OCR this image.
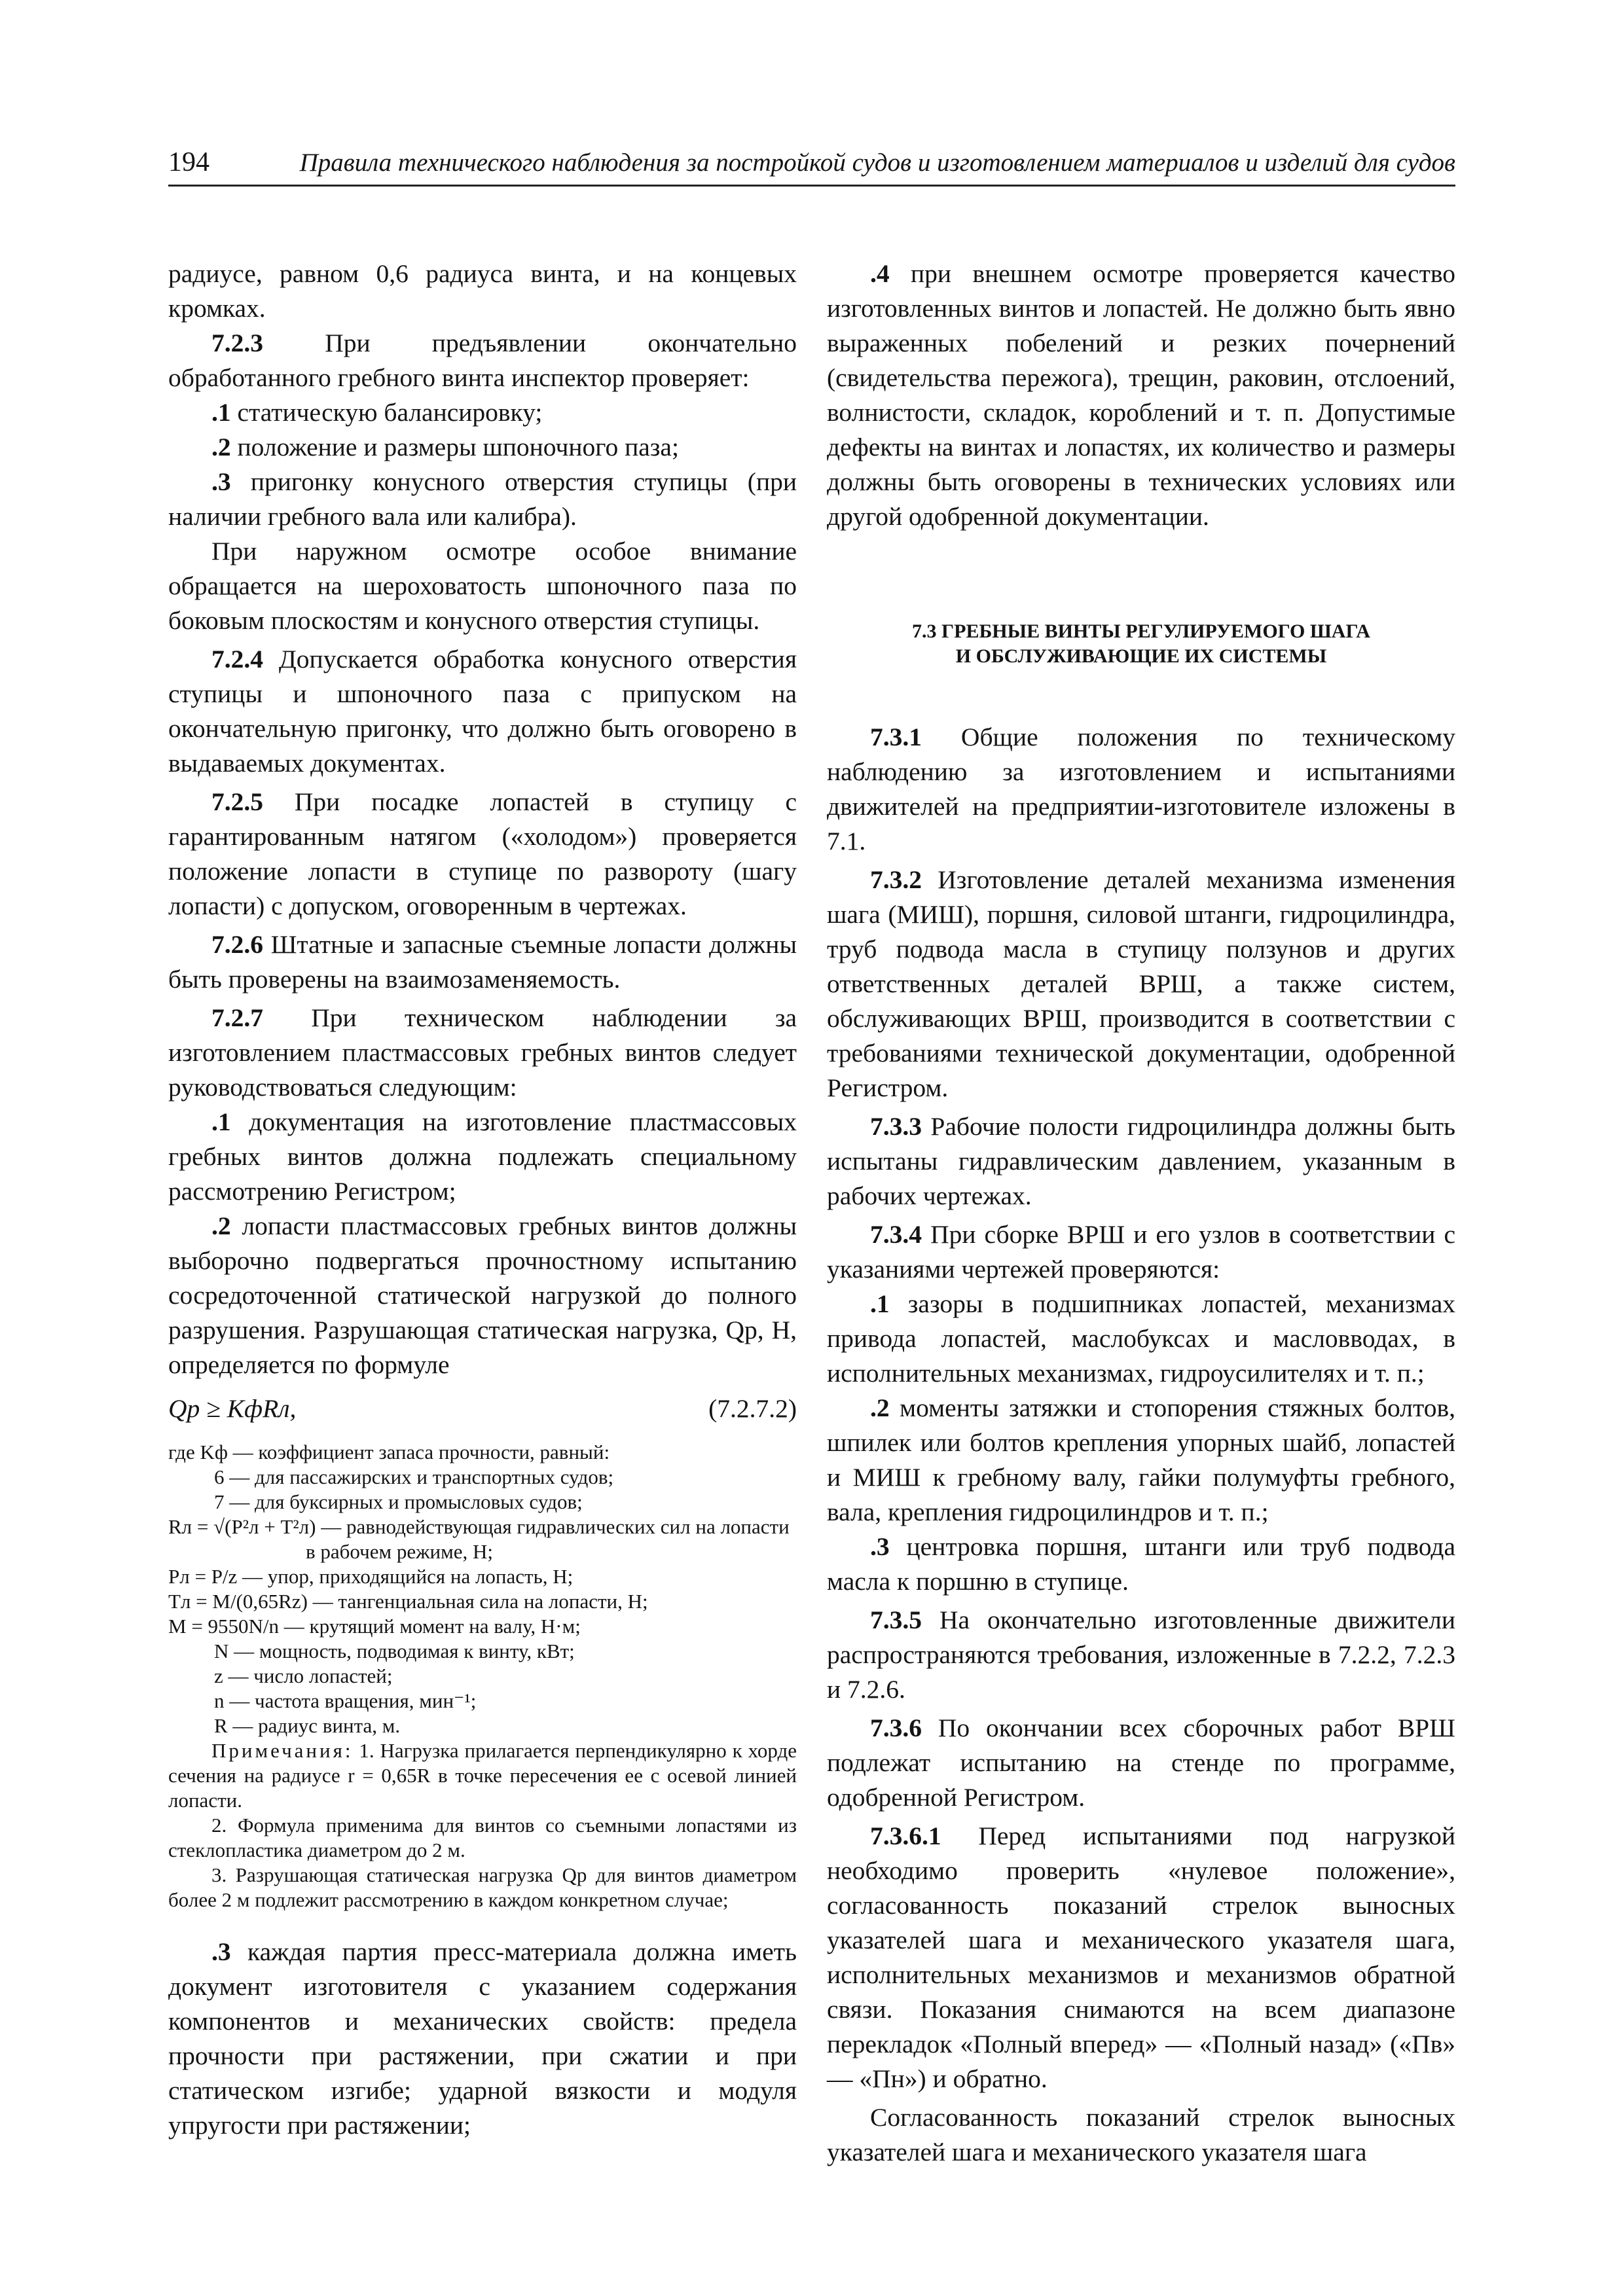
194	Правила технического наблюдения за постройкой судов и изготовлением материалов и изделий для судов

радиусе, равном 0,6 радиуса винта, и на концевых кромках.

7.2.3 При предъявлении окончательно обработанного гребного винта инспектор проверяет:

.1 статическую балансировку;

.2 положение и размеры шпоночного паза;

.3 пригонку конусного отверстия ступицы (при наличии гребного вала или калибра).

При наружном осмотре особое внимание обращается на шероховатость шпоночного паза по боковым плоскостям и конусного отверстия ступицы.

7.2.4 Допускается обработка конусного отверстия ступицы и шпоночного паза с припуском на окончательную пригонку, что должно быть оговорено в выдаваемых документах.

7.2.5 При посадке лопастей в ступицу с гарантированным натягом («холодом») проверяется положение лопасти в ступице по развороту (шагу лопасти) с допуском, оговоренным в чертежах.

7.2.6 Штатные и запасные съемные лопасти должны быть проверены на взаимозаменяемость.

7.2.7 При техническом наблюдении за изготовлением пластмассовых гребных винтов следует руководствоваться следующим:

.1 документация на изготовление пластмассовых гребных винтов должна подлежать специальному рассмотрению Регистром;

.2 лопасти пластмассовых гребных винтов должны выборочно подвергаться прочностному испытанию сосредоточенной статической нагрузкой до полного разрушения. Разрушающая статическая нагрузка, Qр, Н, определяется по формуле

Qр ≥ KфRл,	(7.2.7.2)
где Kф — коэффициент запаса прочности, равный:
6 — для пассажирских и транспортных судов;
7 — для буксирных и промысловых судов;
Rл = √(P²л + T²л) — равнодействующая гидравлических сил на лопасти
в рабочем режиме, Н;
Pл = P/z — упор, приходящийся на лопасть, Н;
Tл = M/(0,65Rz) — тангенциальная сила на лопасти, Н;
M = 9550N/n — крутящий момент на валу, Н·м;
N — мощность, подводимая к винту, кВт;
z — число лопастей;
n — частота вращения, мин⁻¹;
R — радиус винта, м.

Примечания: 1. Нагрузка прилагается перпендикулярно к хорде сечения на радиусе r = 0,65R в точке пересечения ее с осевой линией лопасти.

2. Формула применима для винтов со съемными лопастями из стеклопластика диаметром до 2 м.

3. Разрушающая статическая нагрузка Qр для винтов диаметром более 2 м подлежит рассмотрению в каждом конкретном случае;

.3 каждая партия пресс-материала должна иметь документ изготовителя с указанием содержания компонентов и механических свойств: предела прочности при растяжении, при сжатии и при статическом изгибе; ударной вязкости и модуля упругости при растяжении;

.4 при внешнем осмотре проверяется качество изготовленных винтов и лопастей. Не должно быть явно выраженных побелений и резких почернений (свидетельства пережога), трещин, раковин, отслоений, волнистости, складок, короблений и т. п. Допустимые дефекты на винтах и лопастях, их количество и размеры должны быть оговорены в технических условиях или другой одобренной документации.

7.3 ГРЕБНЫЕ ВИНТЫ РЕГУЛИРУЕМОГО ШАГА
И ОБСЛУЖИВАЮЩИЕ ИХ СИСТЕМЫ

7.3.1 Общие положения по техническому наблюдению за изготовлением и испытаниями движителей на предприятии-изготовителе изложены в 7.1.

7.3.2 Изготовление деталей механизма изменения шага (МИШ), поршня, силовой штанги, гидроцилиндра, труб подвода масла в ступицу ползунов и других ответственных деталей ВРШ, а также систем, обслуживающих ВРШ, производится в соответствии с требованиями технической документации, одобренной Регистром.

7.3.3 Рабочие полости гидроцилиндра должны быть испытаны гидравлическим давлением, указанным в рабочих чертежах.

7.3.4 При сборке ВРШ и его узлов в соответствии с указаниями чертежей проверяются:

.1 зазоры в подшипниках лопастей, механизмах привода лопастей, маслобуксах и масловводах, в исполнительных механизмах, гидроусилителях и т. п.;

.2 моменты затяжки и стопорения стяжных болтов, шпилек или болтов крепления упорных шайб, лопастей и МИШ к гребному валу, гайки полумуфты гребного, вала, крепления гидроцилиндров и т. п.;

.3 центровка поршня, штанги или труб подвода масла к поршню в ступице.

7.3.5 На окончательно изготовленные движители распространяются требования, изложенные в 7.2.2, 7.2.3 и 7.2.6.

7.3.6 По окончании всех сборочных работ ВРШ подлежат испытанию на стенде по программе, одобренной Регистром.

7.3.6.1 Перед испытаниями под нагрузкой необходимо проверить «нулевое положение», согласованность показаний стрелок выносных указателей шага и механического указателя шага, исполнительных механизмов и механизмов обратной связи. Показания снимаются на всем диапазоне перекладок «Полный вперед» — «Полный назад» («Пв» — «Пн») и обратно.

Согласованность показаний стрелок выносных указателей шага и механического указателя шага
